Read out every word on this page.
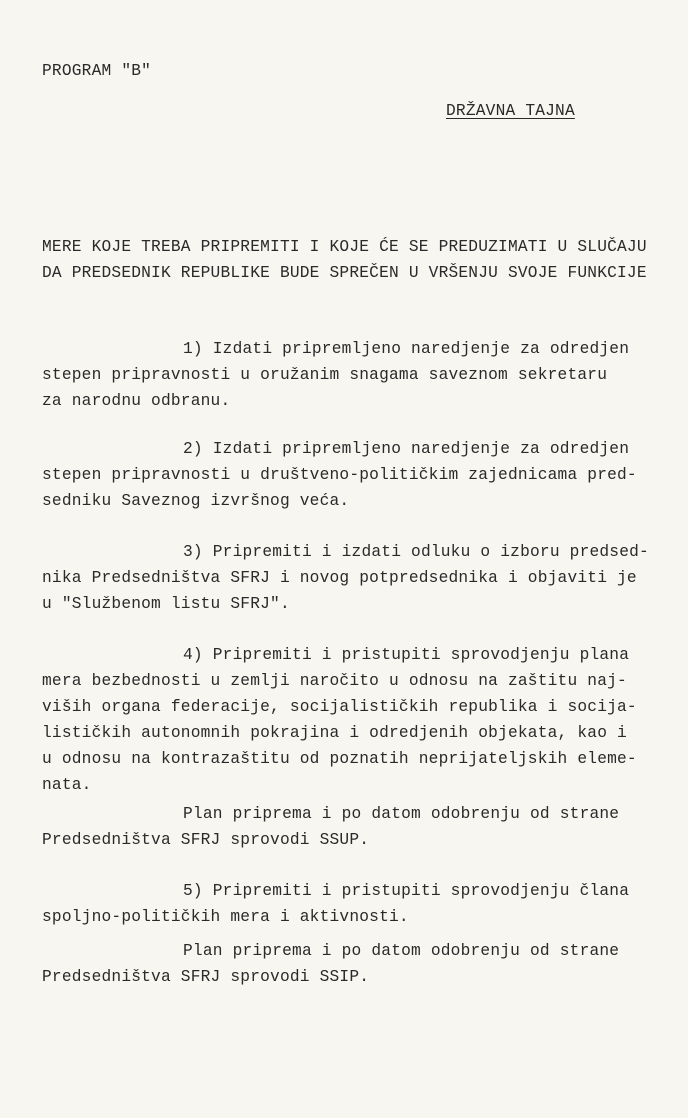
PROGRAM "B"
DRŽAVNA TAJNA
MERE KOJE TREBA PRIPREMITI I KOJE ĆE SE PREDUZIMATI U SLUČAJU
DA PREDSEDNIK REPUBLIKE BUDE SPREČEN U VRŠENJU SVOJE FUNKCIJE
1) Izdati pripremljeno naredjenje za odredjen
stepen pripravnosti u oružanim snagama saveznom sekretaru
za narodnu odbranu.
2) Izdati pripremljeno naredjenje za odredjen
stepen pripravnosti u društveno-političkim zajednicama pred-
sedniku Saveznog izvršnog veća.
3) Pripremiti i izdati odluku o izboru predsed-
nika Predsedništva SFRJ i novog potpredsednika i objaviti je
u "Službenom listu SFRJ".
4) Pripremiti i pristupiti sprovodjenju plana
mera bezbednosti u zemlji naročito u odnosu na zaštitu naj-
viših organa federacije, socijalističkih republika i socija-
lističkih autonomnih pokrajina i odredjenih objekata, kao i
u odnosu na kontrazaštitu od poznatih neprijateljskih eleme-
nata.
Plan priprema i po datom odobrenju od strane
Predsedništva SFRJ sprovodi SSUP.
5) Pripremiti i pristupiti sprovodjenju člana
spoljno-političkih mera i aktivnosti.
Plan pripremа i po datom odobrenju od strane
Predsedništva SFRJ sprovodi SSIP.
